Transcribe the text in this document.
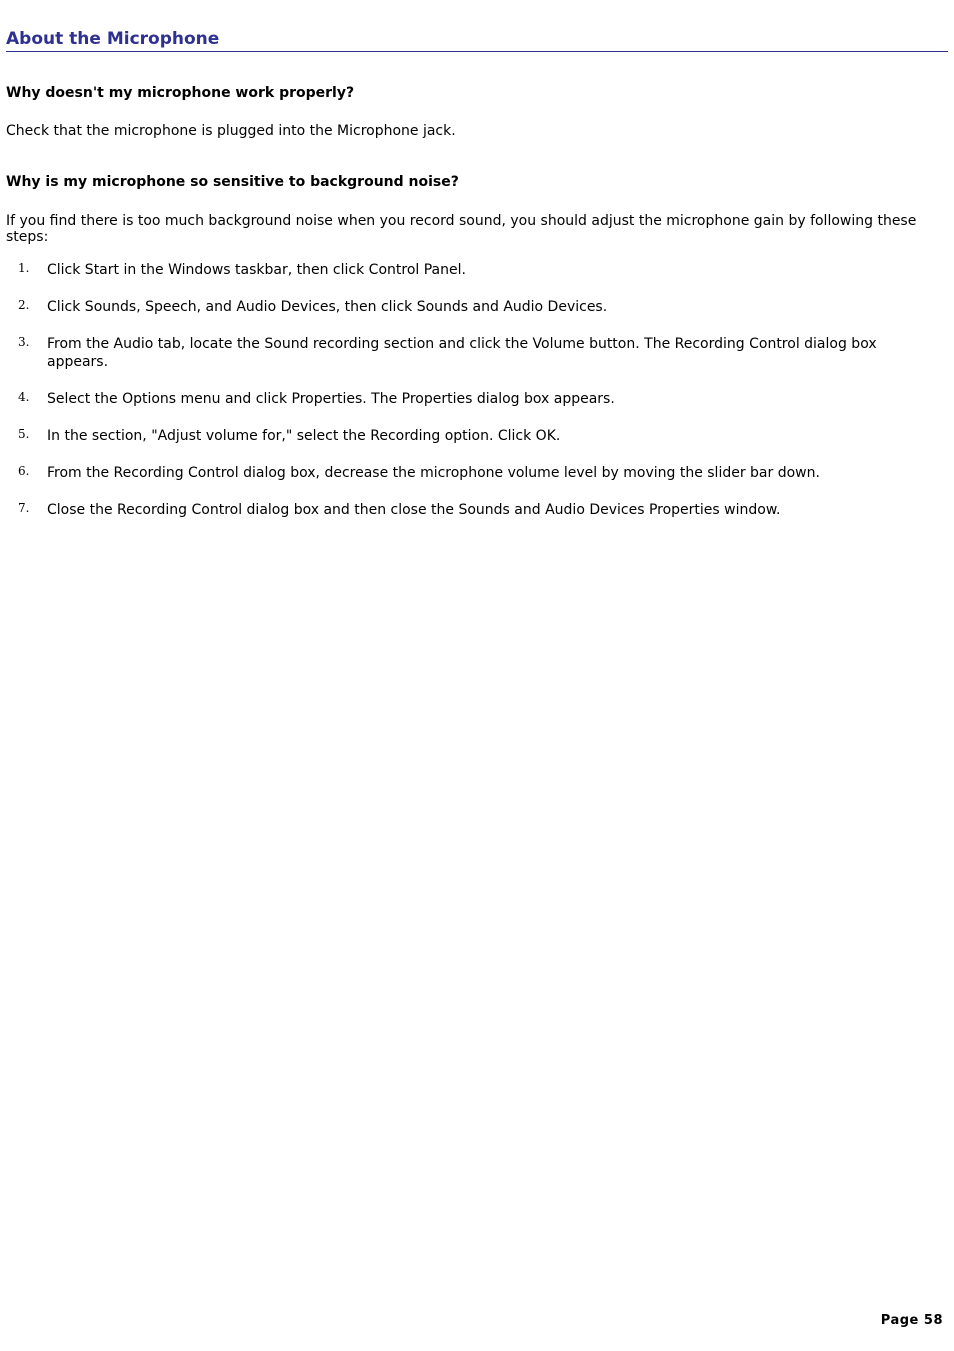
About the Microphone

Why doesn't my microphone work properly?

Check that the microphone is plugged into the Microphone jack.

Why is my microphone so sensitive to background noise?

If you find there is too much background noise when you record sound, you should adjust the microphone gain by following these steps:

1. Click Start in the Windows taskbar, then click Control Panel.
2. Click Sounds, Speech, and Audio Devices, then click Sounds and Audio Devices.
3. From the Audio tab, locate the Sound recording section and click the Volume button. The Recording Control dialog box appears.
4. Select the Options menu and click Properties. The Properties dialog box appears.
5. In the section, "Adjust volume for," select the Recording option. Click OK.
6. From the Recording Control dialog box, decrease the microphone volume level by moving the slider bar down.
7. Close the Recording Control dialog box and then close the Sounds and Audio Devices Properties window.
Page 58
